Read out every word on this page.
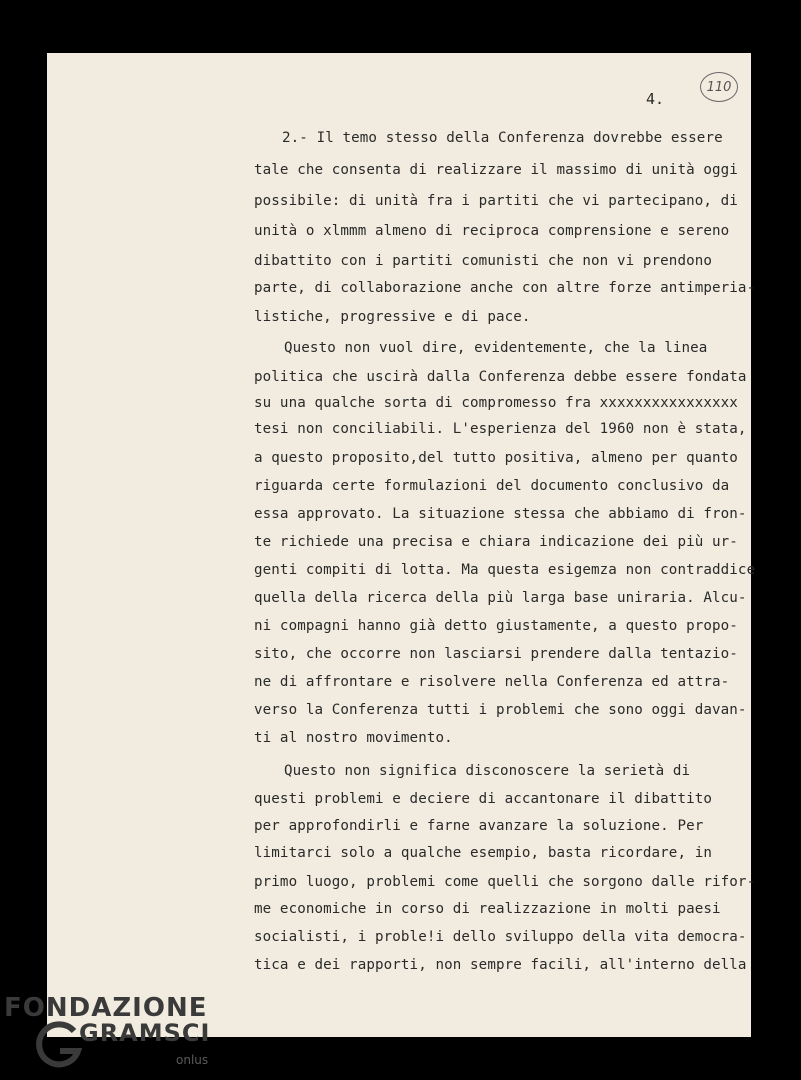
4.
110
2.- Il temo stesso della Conferenza dovrebbe essere
tale che consenta di realizzare il massimo di unità oggi
possibile: di unità fra i partiti che vi partecipano, di
unità o xlmmm almeno di reciproca comprensione e sereno
dibattito con i partiti comunisti che non vi prendono
parte, di collaborazione anche con altre forze antimperia-
listiche, progressive e di pace.
Questo non vuol dire, evidentemente, che la linea
politica che uscirà dalla Conferenza debbe essere fondata
su una qualche sorta di compromesso fra xxxxxxxxxxxxxxxx
tesi non conciliabili. L'esperienza del 1960 non è stata,
a questo proposito,del tutto positiva, almeno per quanto
riguarda certe formulazioni del documento conclusivo da
essa approvato. La situazione stessa che abbiamo di fron-
te richiede una precisa e chiara indicazione dei più ur-
genti compiti di lotta. Ma questa esigemza non contraddice
quella della ricerca della più larga base uniraria. Alcu-
ni compagni hanno già detto giustamente, a questo propo-
sito, che occorre non lasciarsi prendere dalla tentazio-
ne di affrontare e risolvere nella Conferenza ed attra-
verso la Conferenza tutti i problemi che sono oggi davan-
ti al nostro movimento.
Questo non significa disconoscere la serietà di
questi problemi e deciere di accantonare il dibattito
per approfondirli e farne avanzare la soluzione. Per
limitarci solo a qualche esempio, basta ricordare, in
primo luogo, problemi come quelli che sorgono dalle rifor-
me economiche in corso di realizzazione in molti paesi
socialisti, i proble!i dello sviluppo della vita democra-
tica e dei rapporti, non sempre facili, all'interno della
FONDAZIONE
GRAMSCI
onlus
